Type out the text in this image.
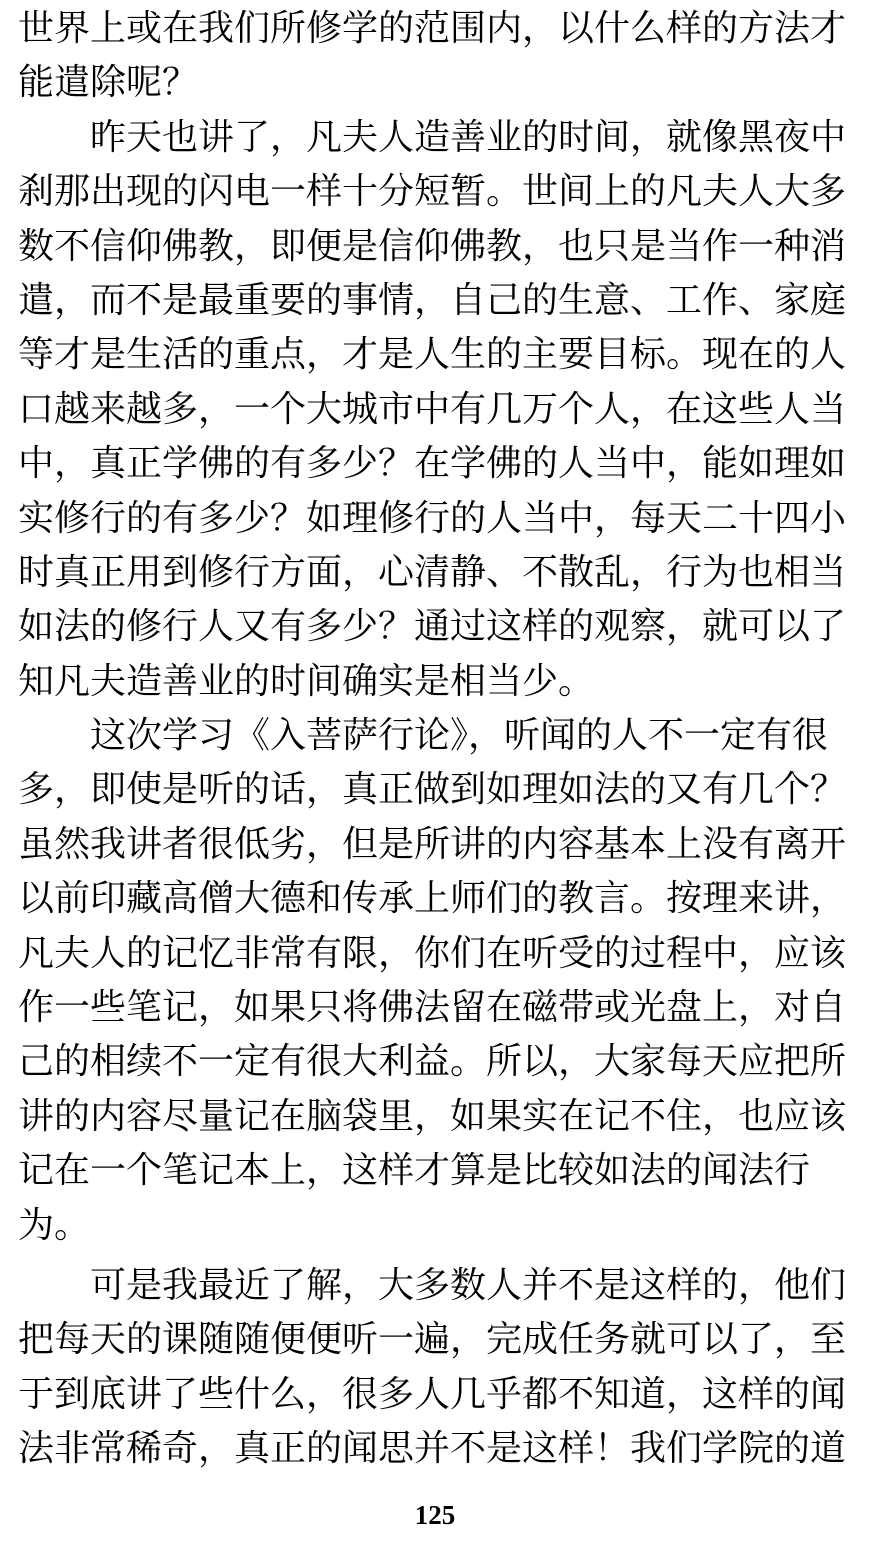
世界上或在我们所修学的范围内，以什么样的方法才
能遣除呢？
　　昨天也讲了，凡夫人造善业的时间，就像黑夜中
刹那出现的闪电一样十分短暂。世间上的凡夫人大多
数不信仰佛教，即便是信仰佛教，也只是当作一种消
遣，而不是最重要的事情，自己的生意、工作、家庭
等才是生活的重点，才是人生的主要目标。现在的人
口越来越多，一个大城市中有几万个人，在这些人当
中，真正学佛的有多少？在学佛的人当中，能如理如
实修行的有多少？如理修行的人当中，每天二十四小
时真正用到修行方面，心清静、不散乱，行为也相当
如法的修行人又有多少？通过这样的观察，就可以了
知凡夫造善业的时间确实是相当少。
　　这次学习《入菩萨行论》，听闻的人不一定有很
多，即使是听的话，真正做到如理如法的又有几个？
虽然我讲者很低劣，但是所讲的内容基本上没有离开
以前印藏高僧大德和传承上师们的教言。按理来讲，
凡夫人的记忆非常有限，你们在听受的过程中，应该
作一些笔记，如果只将佛法留在磁带或光盘上，对自
己的相续不一定有很大利益。所以，大家每天应把所
讲的内容尽量记在脑袋里，如果实在记不住，也应该
记在一个笔记本上，这样才算是比较如法的闻法行
为。
　　可是我最近了解，大多数人并不是这样的，他们
把每天的课随随便便听一遍，完成任务就可以了，至
于到底讲了些什么，很多人几乎都不知道，这样的闻
法非常稀奇，真正的闻思并不是这样！我们学院的道
125
